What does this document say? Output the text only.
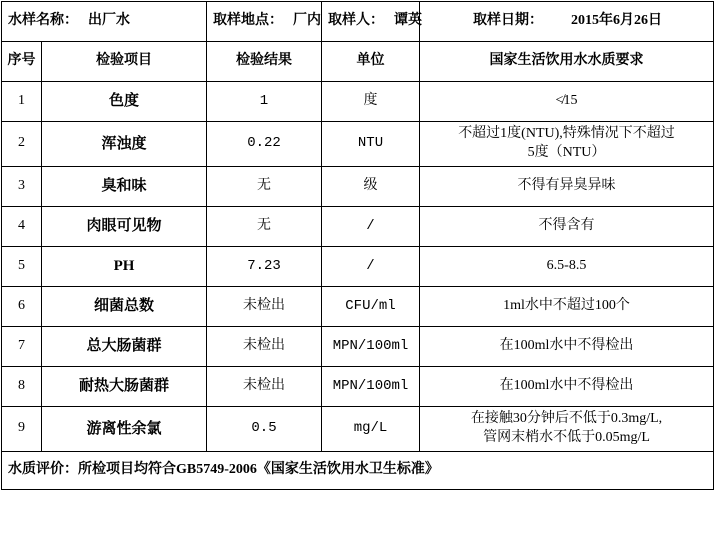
水样名称： 出厂水		取样地点： 厂内	取样人： 谭英	取样日期： 2015年6月26日
序号	检验项目	检验结果	单位	国家生活饮用水水质要求
1	色度	1	度	≮15
2	浑浊度	0.22	NTU	不超过1度(NTU),特殊情况下不超过
5度（NTU）

3	臭和味	无	级	不得有异臭异味
4	肉眼可见物	无	/	不得含有
5	PH	7.23	/	6.5-8.5
6	细菌总数	未检出	CFU/ml	1ml水中不超过100个
7	总大肠菌群	未检出	MPN/100ml	在100ml水中不得检出
8	耐热大肠菌群	未检出	MPN/100ml	在100ml水中不得检出
9	游离性余氯	0.5	mg/L	在接触30分钟后不低于0.3mg/L,
管网末梢水不低于0.05mg/L

水质评价：所检项目均符合GB5749-2006《国家生活饮用水卫生标准》				
